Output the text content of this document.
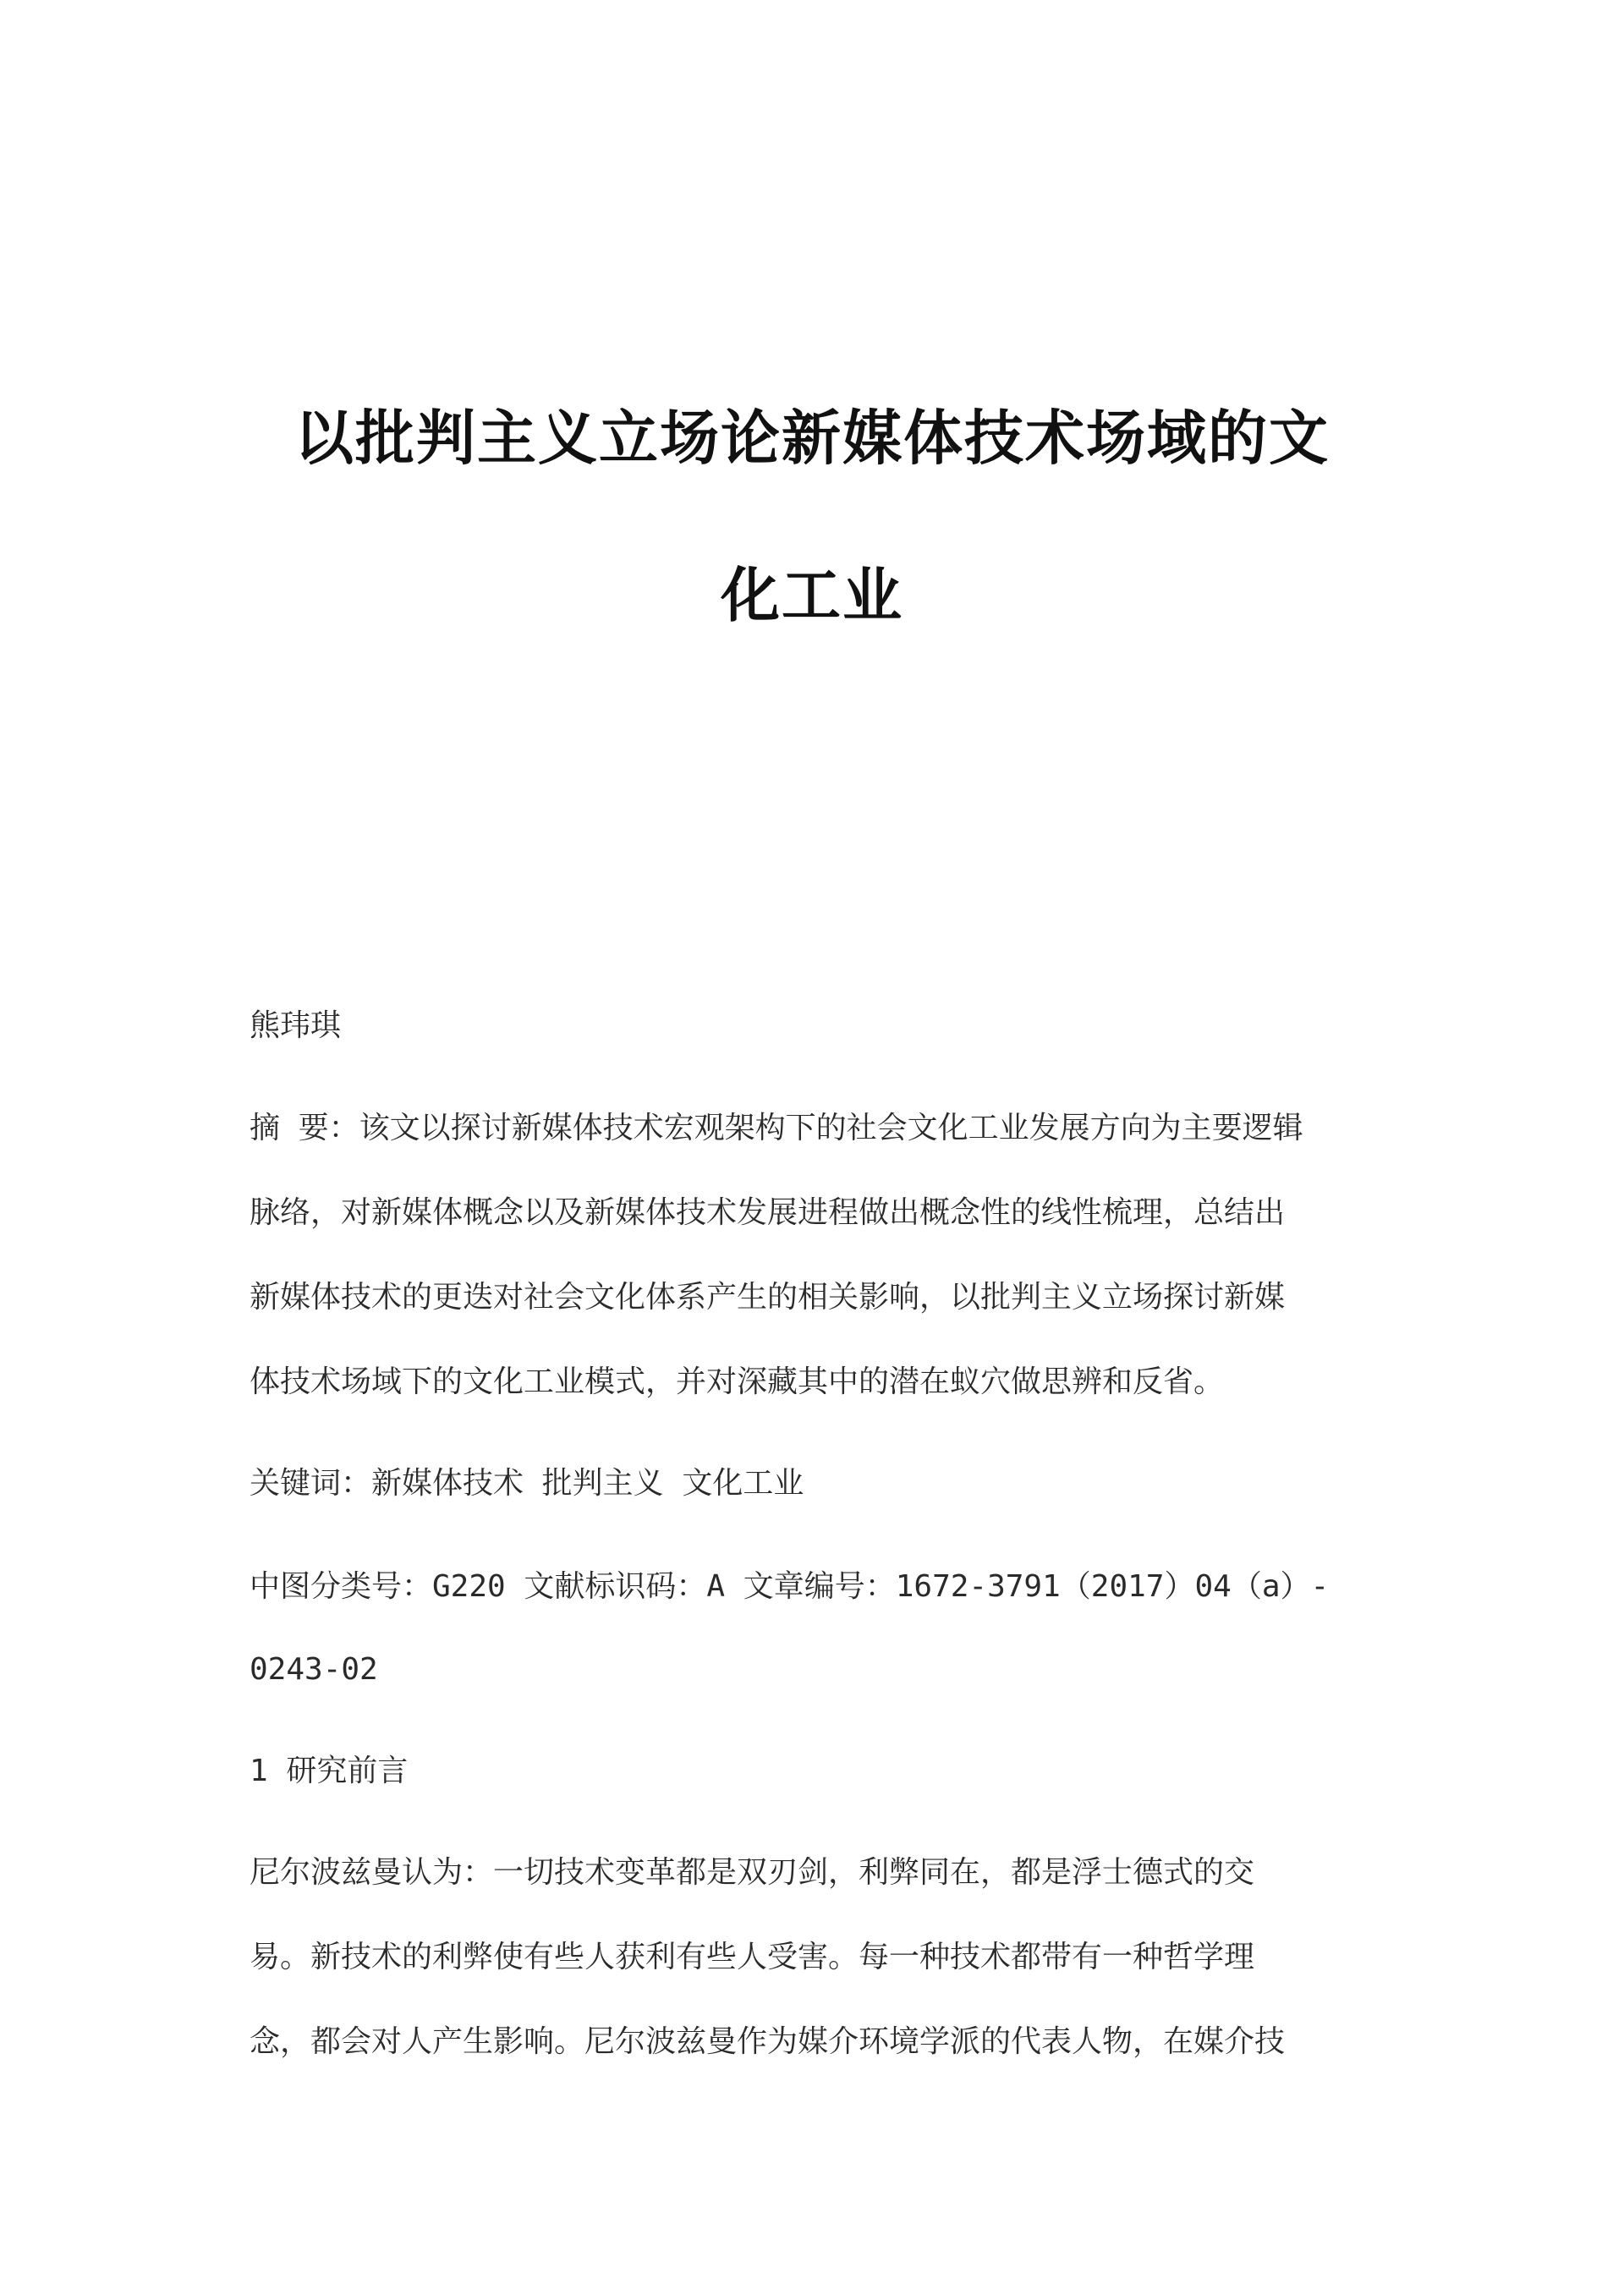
以批判主义立场论新媒体技术场域的文
化工业
熊玮琪
摘 要：该文以探讨新媒体技术宏观架构下的社会文化工业发展方向为主要逻辑
脉络，对新媒体概念以及新媒体技术发展进程做出概念性的线性梳理，总结出
新媒体技术的更迭对社会文化体系产生的相关影响，以批判主义立场探讨新媒
体技术场域下的文化工业模式，并对深藏其中的潜在蚁穴做思辨和反省。
关键词：新媒体技术 批判主义 文化工业
中图分类号：G220 文献标识码：A 文章编号：1672-3791（2017）04（a）-
0243-02
1 研究前言
尼尔波兹曼认为：一切技术变革都是双刃剑，利弊同在，都是浮士德式的交
易。新技术的利弊使有些人获利有些人受害。每一种技术都带有一种哲学理
念，都会对人产生影响。尼尔波兹曼作为媒介环境学派的代表人物，在媒介技
